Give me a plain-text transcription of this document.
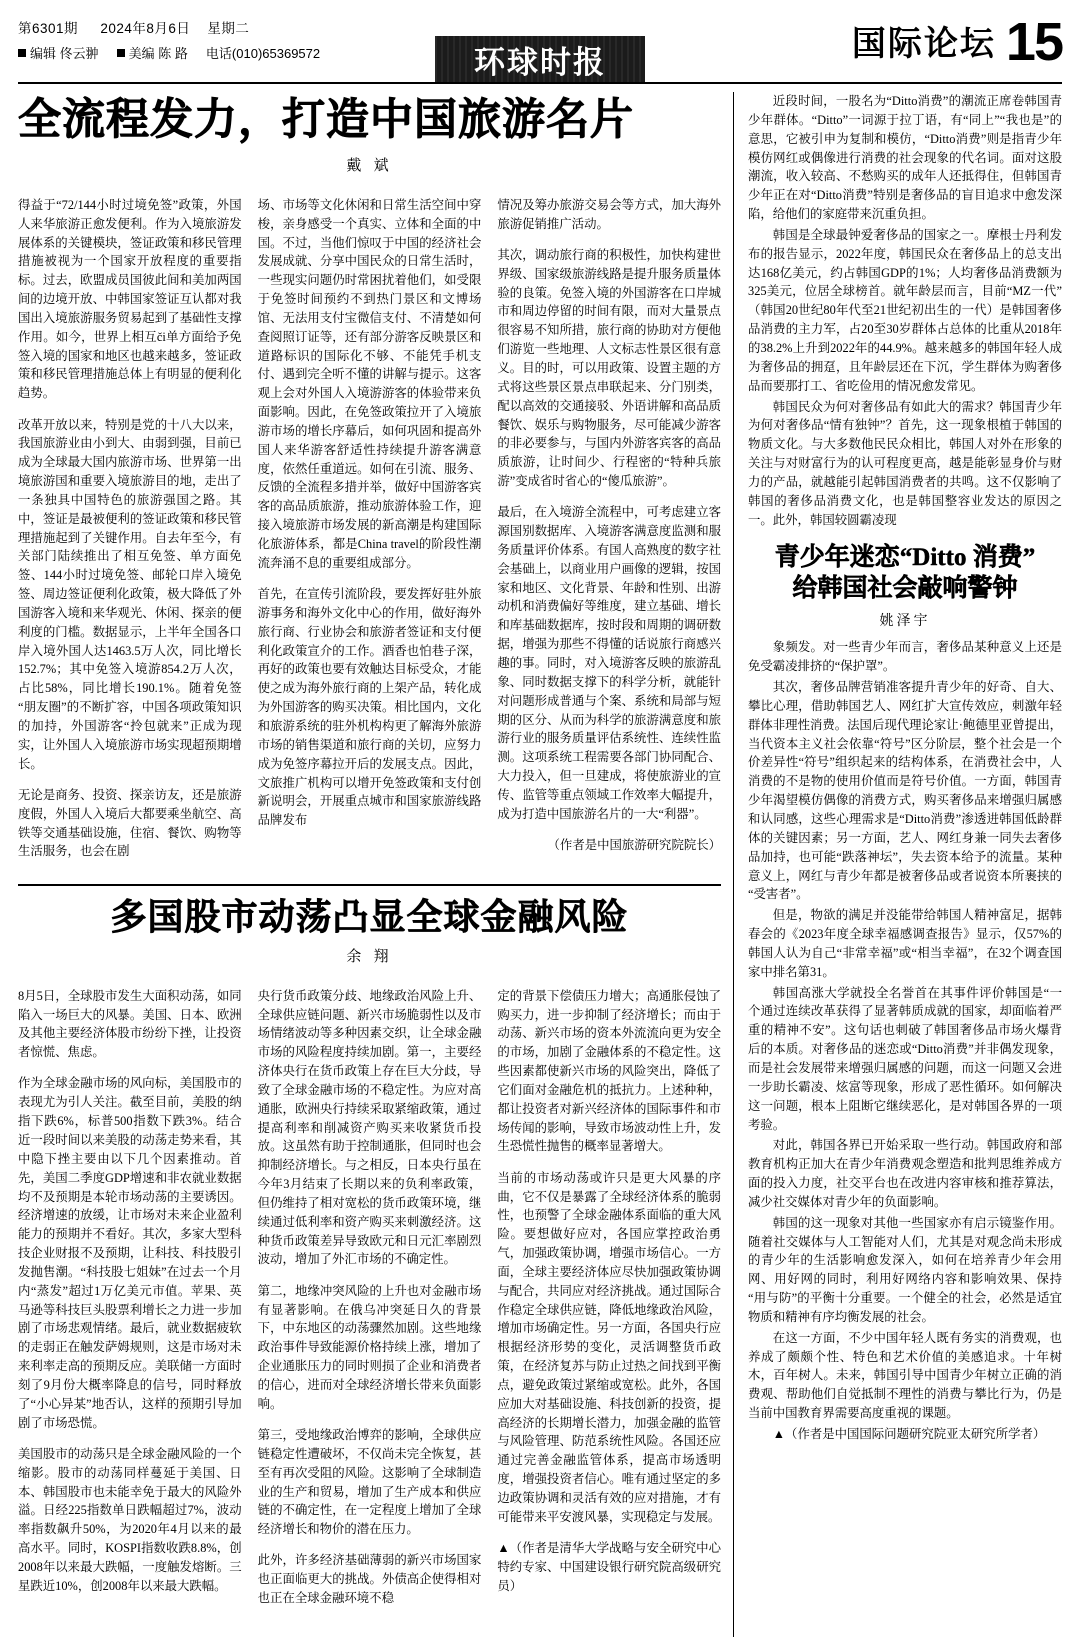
第6301期 2024年8月6日 星期二
编辑 佟云翀	美编 陈 路 电话(010)65369572	环球时报	国际论坛 15
全流程发力，打造中国旅游名片
戴 斌

得益于“72/144小时过境免签”政策，外国人来华旅游正愈发便利。作为入境旅游发展体系的关键模块，签证政策和移民管理措施被视为一个国家开放程度的重要指标。过去，欧盟成员国彼此间和美加两国间的边境开放、中韩国家签证互认都对我国出入境旅游服务贸易起到了基础性支撑作用。如今，世界上相互či单方面给予免签入境的国家和地区也越来越多，签证政策和移民管理措施总体上有明显的便利化趋势。

改革开放以来，特别是党的十八大以来，我国旅游业由小到大、由弱到强，目前已成为全球最大国内旅游市场、世界第一出境旅游国和重要入境旅游目的地，走出了一条独具中国特色的旅游强国之路。其中，签证是最被便利的签证政策和移民管理措施起到了关键作用。自去年至今，有关部门陆续推出了相互免签、单方面免签、144小时过境免签、邮轮口岸入境免签、周边签证便利化政策，极大降低了外国游客入境和来华观光、休闲、探亲的便利度的门槛。数据显示，上半年全国各口岸入境外国人达1463.5万人次，同比增长152.7%；其中免签入境游854.2万人次，占比58%，同比增长190.1%。随着免签“朋友圈”的不断扩容，中国各项政策知识的加持，外国游客“拎包就来”正成为现实，让外国人入境旅游市场实现超预期增长。

无论是商务、投资、探亲访友，还是旅游度假，外国人入境后大都要乘坐航空、高铁等交通基础设施，住宿、餐饮、购物等生活服务，也会在剧

场、市场等文化休闲和日常生活空间中穿梭，亲身感受一个真实、立体和全面的中国。不过，当他们惊叹于中国的经济社会发展成就、分享中国民众的日常生活时，一些现实问题仍时常困扰着他们，如受限于免签时间预约不到热门景区和文博场馆、无法用支付宝微信支付、不清楚如何查阅照订证等，还有部分游客反映景区和道路标识的国际化不够、不能凭手机支付、遇到完全听不懂的讲解与提示。这客观上会对外国人入境游游客的体验带来负面影响。因此，在免签政策拉开了入境旅游市场的增长序幕后，如何巩固和提高外国人来华游客舒适性持续提升游客满意度，依然任重道远。如何在引流、服务、反馈的全流程多措并举，做好中国游客宾客的高品质旅游，推动旅游体验工作，迎接入境旅游市场发展的新高潮是构建国际化旅游体系，都是China travel的阶段性潮流奔涌不息的重要组成部分。

首先，在宣传引流阶段，要发挥好驻外旅游事务和海外文化中心的作用，做好海外旅行商、行业协会和旅游者签证和支付便利化政策宣介的工作。酒香也怕巷子深，再好的政策也要有效触达目标受众，才能使之成为海外旅行商的上架产品，转化成为外国游客的购买决策。相比国内，文化和旅游系统的驻外机构构更了解海外旅游市场的销售渠道和旅行商的关切，应努力成为免签序幕拉开后的发展支点。因此，文旅推广机构可以增开免签政策和支付创新说明会，开展重点城市和国家旅游线路品牌发布

情况及筹办旅游交易会等方式，加大海外旅游促销推广活动。

其次，调动旅行商的积极性，加快构建世界级、国家级旅游线路是提升服务质量体验的良策。免签入境的外国游客在口岸城市和周边停留的时间有限，而对大量景点很容易不知所措，旅行商的协助对方便他们游览一些地理、人文标志性景区很有意义。目的时，可以用政策、设置主题的方式将这些景区景点串联起来、分门别类，配以高效的交通接驳、外语讲解和高品质餐饮、娱乐与购物服务，尽可能减少游客的非必要参与，与国内外游客宾客的高品质旅游，让时间少、行程密的“特种兵旅游”变成省时省心的“傻瓜旅游”。

最后，在入境游全流程中，可考虑建立客源国别数据库、入境游客满意度监测和服务质量评价体系。有国人高熟度的数字社会基础上，以商业用户画像的逻辑，按国家和地区、文化背景、年龄和性别、出游动机和消费偏好等维度，建立基础、增长和库基础数据库，按时段和周期的调研数据，增强为那些不得懂的话说旅行商感兴趣的事。同时，对入境游客反映的旅游乱象、同时数据支撑下的科学分析，就能针对问题形成普通与个案、系统和局部与短期的区分、从而为科学的旅游满意度和旅游行业的服务质量评估系统性、连续性监测。这项系统工程需要各部门协同配合、大力投入，但一旦建成，将使旅游业的宣传、监管等重点领域工作效率大幅提升，成为打造中国旅游名片的一大“利器”。

（作者是中国旅游研究院院长）
多国股市动荡凸显全球金融风险
余 翔

8月5日，全球股市发生大面积动荡，如同陷入一场巨大的风暴。美国、日本、欧洲及其他主要经济体股市纷纷下挫，让投资者惊慌、焦虑。

作为全球金融市场的风向标，美国股市的表现尤为引人关注。截至目前，美股的纳指下跌6%，标普500指数下跌3%。结合近一段时间以来美股的动荡走势来看，其中隐下挫主要由以下几个因素推动。首先，美国二季度GDP增速和非农就业数据均不及预期是本轮市场动荡的主要诱因。经济增速的放缓，让市场对未来企业盈利能力的预期并不看好。其次，多家大型科技企业财报不及预期，让科技、科技股引发抛售潮。“科技股七姐妹”在过去一个月内“蒸发”超过1万亿美元市值。苹果、英马逊等科技巨头股票利增长之力进一步加剧了市场悲观情绪。最后，就业数据疲软的走弱正在触发萨姆规则，这是市场对未来利率走高的预期反应。美联储一方面时刻了9月份大概率降息的信号，同时释放了“小心异某”地否认，这样的预期引导加剧了市场恐慌。

美国股市的动荡只是全球金融风险的一个缩影。股市的动荡同样蔓延于美国、日本、韩国股市也未能幸免于最大的风险外溢。日经225指数单日跌幅超过7%，波动率指数飙升50%，为2020年4月以来的最高水平。同时，KOSPI指数收跌8.8%，创2008年以来最大跌幅，一度触发熔断。三星跌近10%，创2008年以来最大跌幅。

央行货币政策分歧、地缘政治风险上升、全球供应链问题、新兴市场脆弱性以及市场情绪波动等多种因素交织，让全球金融市场的风险程度持续加剧。第一，主要经济体央行在货币政策上存在巨大分歧，导致了全球金融市场的不稳定性。为应对高通胀，欧洲央行持续采取紧缩政策，通过提高利率和削减资产购买来收紧货币投放。这虽然有助于控制通胀，但同时也会抑制经济增长。与之相反，日本央行虽在今年3月结束了长期以来的负利率政策，但仍维持了相对宽松的货币政策环境，继续通过低利率和资产购买来刺激经济。这种货币政策差异导致欧元和日元汇率剧烈波动，增加了外汇市场的不确定性。

第二，地缘冲突风险的上升也对金融市场有显著影响。在俄乌冲突延日久的背景下，中东地区的动荡骤然加剧。这些地缘政治事件导致能源价格持续上涨，增加了企业通胀压力的同时则损了企业和消费者的信心，进而对全球经济增长带来负面影响。

第三，受地缘政治博弈的影响，全球供应链稳定性遭破坏，不仅尚未完全恢复，甚至有再次受阻的风险。这影响了全球制造业的生产和贸易，增加了生产成本和供应链的不确定性，在一定程度上增加了全球经济增长和物价的潜在压力。

此外，许多经济基础薄弱的新兴市场国家也正面临更大的挑战。外债高企使得相对也正在全球金融环境不稳

定的背景下偿债压力增大；高通胀侵蚀了购买力，进一步抑制了经济增长；而由于动荡、新兴市场的资本外流流向更为安全的市场，加剧了金融体系的不稳定性。这些因素都使新兴市场的风险突出，降低了它们面对金融危机的抵抗力。上述种种，都让投资者对新兴经济体的国际事件和市场传闻的影响，导致市场波动性上升，发生恐慌性抛售的概率显著增大。

当前的市场动荡或许只是更大风暴的序曲，它不仅是暴露了全球经济体系的脆弱性，也预警了全球金融体系面临的重大风险。要想做好应对，各国应掌控政治勇气，加强政策协调，增强市场信心。一方面，全球主要经济体应尽快加强政策协调与配合，共同应对经济挑战。通过国际合作稳定全球供应链，降低地缘政治风险，增加市场确定性。另一方面，各国央行应根据经济形势的变化，灵活调整货币政策，在经济复苏与防止过热之间找到平衡点，避免政策过紧缩或宽松。此外，各国应加大对基础设施、科技创新的投资，提高经济的长期增长潜力，加强金融的监管与风险管理、防范系统性风险。各国还应通过完善金融监管体系，提高市场透明度，增强投资者信心。唯有通过坚定的多边政策协调和灵活有效的应对措施，才有可能带来平安渡风暴，实现稳定与发展。

▲（作者是清华大学战略与安全研究中心特约专家、中国建设银行研究院高级研究员）

近段时间，一股名为“Ditto消费”的潮流正席卷韩国青少年群体。“Ditto”一词源于拉丁语，有“同上”“我也是”的意思，它被引申为复制和模仿，“Ditto消费”则是指青少年模仿网红或偶像进行消费的社会现象的代名词。面对这股潮流，收入较高、不愁购买的成年人还抵得住，但韩国青少年正在对“Ditto消费”特别是奢侈品的盲目追求中愈发深陷，给他们的家庭带来沉重负担。

韩国是全球最钟爱奢侈品的国家之一。摩根士丹利发布的报告显示，2022年度，韩国民众在奢侈品上的总支出达168亿美元，约占韩国GDP的1%；人均奢侈品消费额为325美元，位居全球榜首。就年龄层而言，目前“MZ一代”（韩国20世纪80年代至21世纪初出生的一代）是韩国奢侈品消费的主力军，占20至30岁群体占总体的比重从2018年的38.2%上升到2022年的44.9%。越来越多的韩国年轻人成为奢侈品的拥趸，且年龄层还在下沉，学生群体为购奢侈品而要那打工、省吃俭用的情况愈发常见。

韩国民众为何对奢侈品有如此大的需求？韩国青少年为何对奢侈品“情有独钟”？首先，这一现象根植于韩国的物质文化。与大多数他民民众相比，韩国人对外在形象的关注与对财富行为的认可程度更高，越是能彰显身价与财力的产品，就越能引起韩国消费者的共鸣。这不仅影响了韩国的奢侈品消费文化，也是韩国整容业发达的原因之一。此外，韩国较圆霸凌现

青少年迷恋“Ditto 消费”
给韩国社会敲响警钟
姚泽宇

象频发。对一些青少年而言，奢侈品某种意义上还是免受霸凌排挤的“保护罩”。

其次，奢侈品牌营销准客提升青少年的好奇、自大、攀比心理，借助韩国艺人、网红扩大宣传效应，刺激年轻群体非理性消费。法国后现代理论家让·鲍德里亚曾提出，当代资本主义社会依靠“符号”区分阶层，整个社会是一个价差异性“符号”组织起来的结构体系，在消费社会中，人消费的不是物的使用价值而是符号价值。一方面，韩国青少年渴望模仿偶像的消费方式，购买奢侈品来增强归属感和认同感，这些心理需求是“Ditto消费”渗透进韩国低龄群体的关键因素；另一方面，艺人、网红身兼一同失去奢侈品加持，也可能“跌落神坛”，失去资本给予的流量。某种意义上，网红与青少年都是被奢侈品或者说资本所裹挟的“受害者”。

但是，物欲的满足并没能带给韩国人精神富足，据韩春会的《2023年度全球幸福感调查报告》显示，仅57%的韩国人认为自己“非常幸福”或“相当幸福”，在32个调查国家中排名第31。

韩国高涨大学就投全名誉首在其事件评价韩国是“一个通过连续改革获得了显著韩质成就的国家，却面临着严重的精神不安”。这句话也刺破了韩国奢侈品市场火爆背后的本质。对奢侈品的迷恋或“Ditto消费”并非偶发现象，而是社会发展带来增强归属感的问题，而这一问题又会进一步助长霸凌、炫富等现象，形成了恶性循环。如何解决这一问题，根本上阻断它继续恶化，是对韩国各界的一项考验。

对此，韩国各界已开始采取一些行动。韩国政府和部教育机构正加大在青少年消费观念塑造和批判思维养成方面的投入力度，社交平台也在改进内容审核和推荐算法，减少社交媒体对青少年的负面影响。

韩国的这一现象对其他一些国家亦有启示镜鉴作用。随着社交媒体与人工智能对人们，尤其是对观念尚未形成的青少年的生活影响愈发深入，如何在培养青少年会用网、用好网的同时，利用好网络内容和影响效果、保持“用与防”的平衡十分重要。一个健全的社会，必然是适宜物质和精神有序均衡发展的社会。

在这一方面，不少中国年轻人既有务实的消费观，也养成了颇颇个性、特色和艺术价值的美感追求。十年树木，百年树人。未来，韩国引导中国青少年树立正确的消费观、帮助他们自觉抵制不理性的消费与攀比行为，仍是当前中国教育界需要高度重视的课题。

▲（作者是中国国际问题研究院亚太研究所学者）
